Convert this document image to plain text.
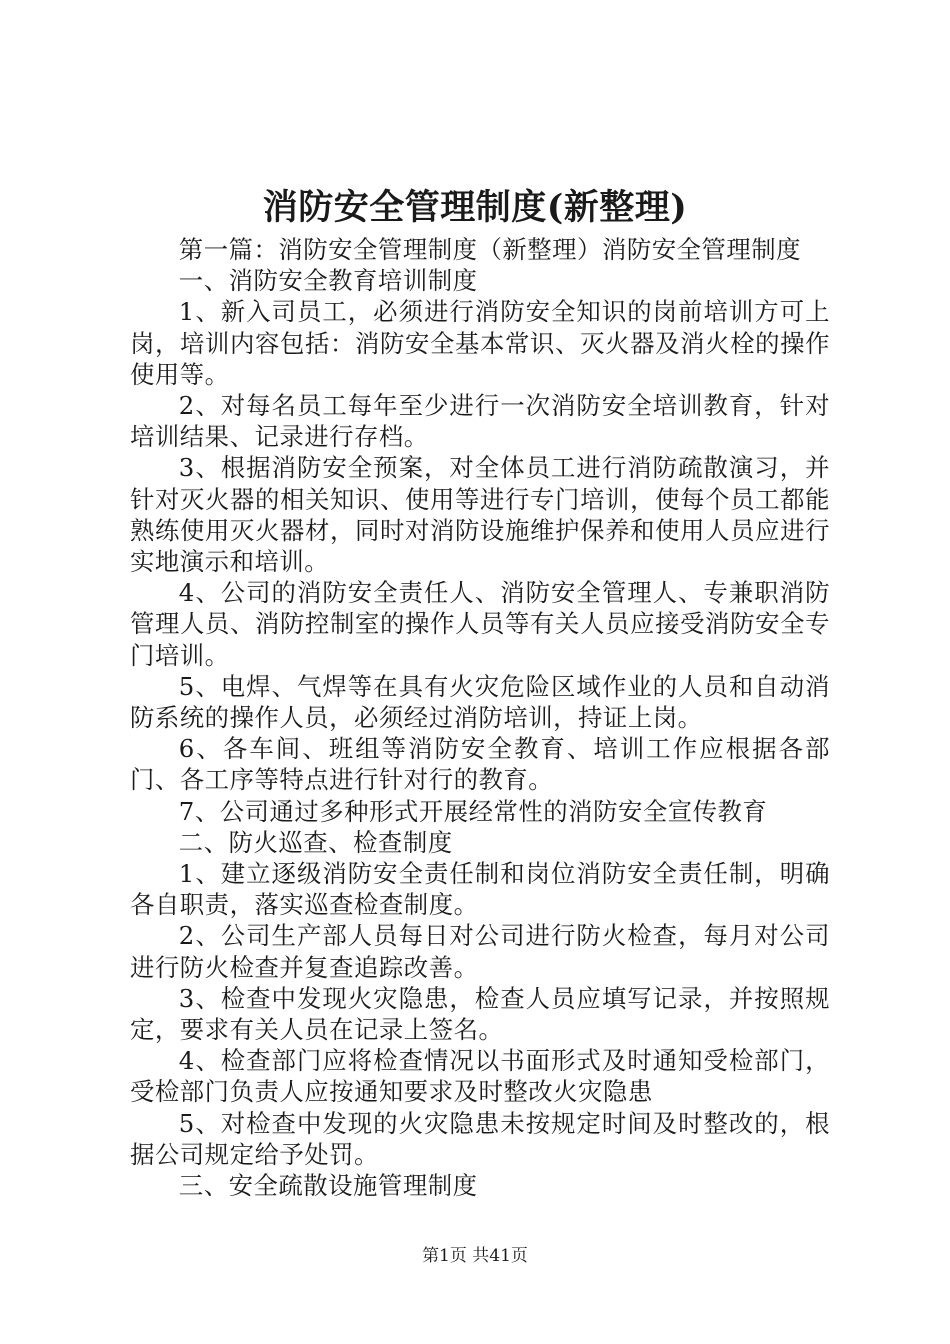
消防安全管理制度(新整理)

第一篇：消防安全管理制度（新整理）消防安全管理制度

一、消防安全教育培训制度

1、新入司员工，必须进行消防安全知识的岗前培训方可上岗，培训内容包括：消防安全基本常识、灭火器及消火栓的操作使用等。

2、对每名员工每年至少进行一次消防安全培训教育，针对培训结果、记录进行存档。

3、根据消防安全预案，对全体员工进行消防疏散演习，并针对灭火器的相关知识、使用等进行专门培训，使每个员工都能熟练使用灭火器材，同时对消防设施维护保养和使用人员应进行实地演示和培训。

4、公司的消防安全责任人、消防安全管理人、专兼职消防管理人员、消防控制室的操作人员等有关人员应接受消防安全专门培训。

5、电焊、气焊等在具有火灾危险区域作业的人员和自动消防系统的操作人员，必须经过消防培训，持证上岗。

6、各车间、班组等消防安全教育、培训工作应根据各部门、各工序等特点进行针对行的教育。

7、公司通过多种形式开展经常性的消防安全宣传教育

二、防火巡查、检查制度

1、建立逐级消防安全责任制和岗位消防安全责任制，明确各自职责，落实巡查检查制度。

2、公司生产部人员每日对公司进行防火检查，每月对公司进行防火检查并复查追踪改善。

3、检查中发现火灾隐患，检查人员应填写记录，并按照规定，要求有关人员在记录上签名。

4、检查部门应将检查情况以书面形式及时通知受检部门，受检部门负责人应按通知要求及时整改火灾隐患

5、对检查中发现的火灾隐患未按规定时间及时整改的，根据公司规定给予处罚。

三、安全疏散设施管理制度

第1页 共41页
